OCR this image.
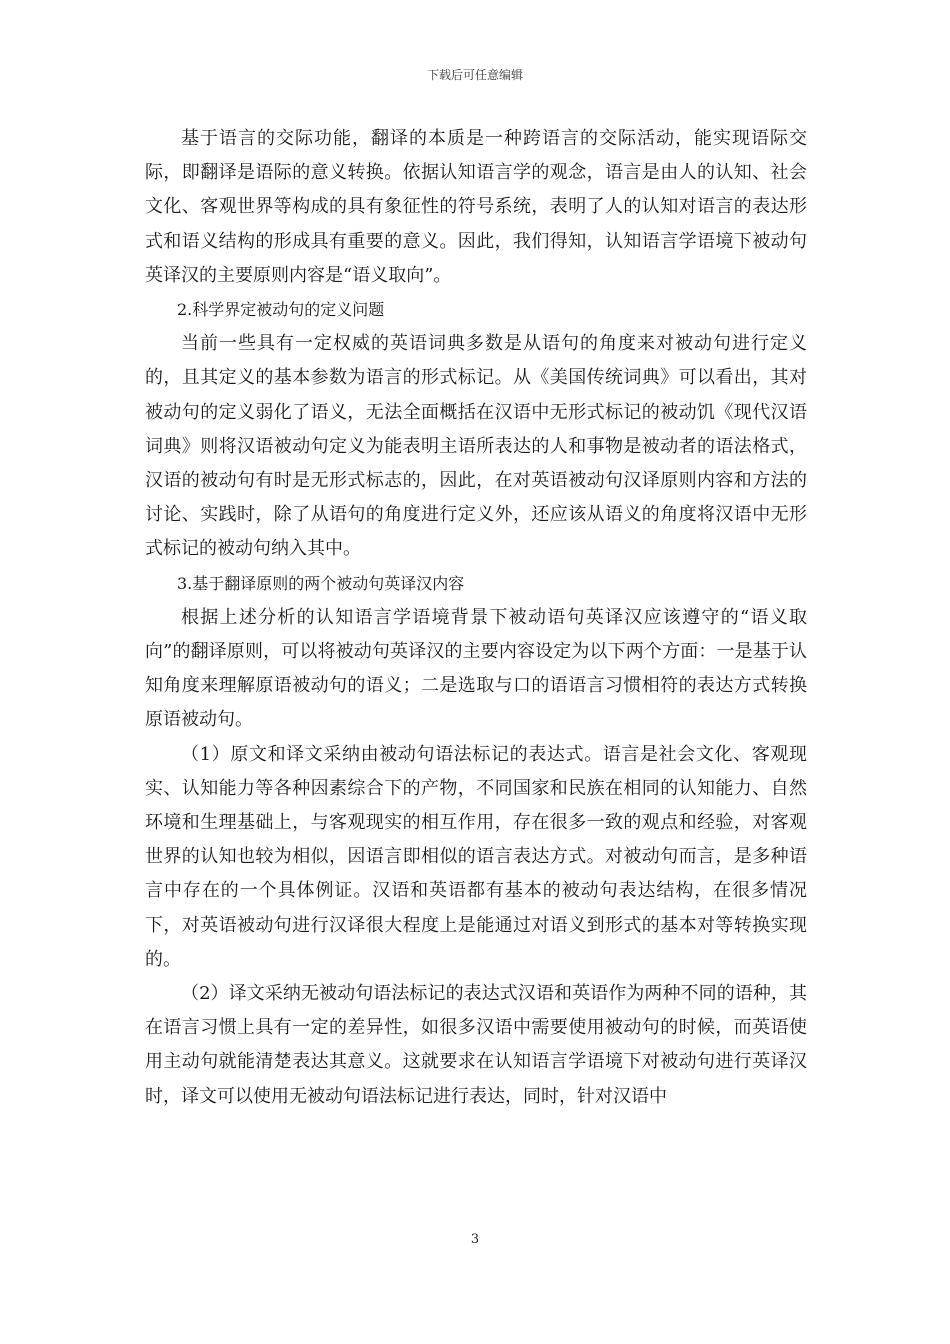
下载后可任意编辑

基于语言的交际功能，翻译的本质是一种跨语言的交际活动，能实现语际交际，即翻译是语际的意义转换。依据认知语言学的观念，语言是由人的认知、社会文化、客观世界等构成的具有象征性的符号系统，表明了人的认知对语言的表达形式和语义结构的形成具有重要的意义。因此，我们得知，认知语言学语境下被动句英译汉的主要原则内容是“语义取向”。

2.科学界定被动句的定义问题

当前一些具有一定权威的英语词典多数是从语句的角度来对被动句进行定义的，且其定义的基本参数为语言的形式标记。从《美国传统词典》可以看出，其对被动句的定义弱化了语义，无法全面概括在汉语中无形式标记的被动饥《现代汉语词典》则将汉语被动句定义为能表明主语所表达的人和事物是被动者的语法格式，汉语的被动句有时是无形式标志的，因此，在对英语被动句汉译原则内容和方法的讨论、实践时，除了从语句的角度进行定义外，还应该从语义的角度将汉语中无形式标记的被动句纳入其中。

3.基于翻译原则的两个被动句英译汉内容

根据上述分析的认知语言学语境背景下被动语句英译汉应该遵守的“语义取向”的翻译原则，可以将被动句英译汉的主要内容设定为以下两个方面：一是基于认知角度来理解原语被动句的语义；二是选取与口的语语言习惯相符的表达方式转换原语被动句。

（1）原文和译文采纳由被动句语法标记的表达式。语言是社会文化、客观现实、认知能力等各种因素综合下的产物，不同国家和民族在相同的认知能力、自然环境和生理基础上，与客观现实的相互作用，存在很多一致的观点和经验，对客观世界的认知也较为相似，因语言即相似的语言表达方式。对被动句而言，是多种语言中存在的一个具体例证。汉语和英语都有基本的被动句表达结构，在很多情况下，对英语被动句进行汉译很大程度上是能通过对语义到形式的基本对等转换实现的。

（2）译文采纳无被动句语法标记的表达式汉语和英语作为两种不同的语种，其在语言习惯上具有一定的差异性，如很多汉语中需要使用被动句的时候，而英语使用主动句就能清楚表达其意义。这就要求在认知语言学语境下对被动句进行英译汉时，译文可以使用无被动句语法标记进行表达，同时，针对汉语中

3
